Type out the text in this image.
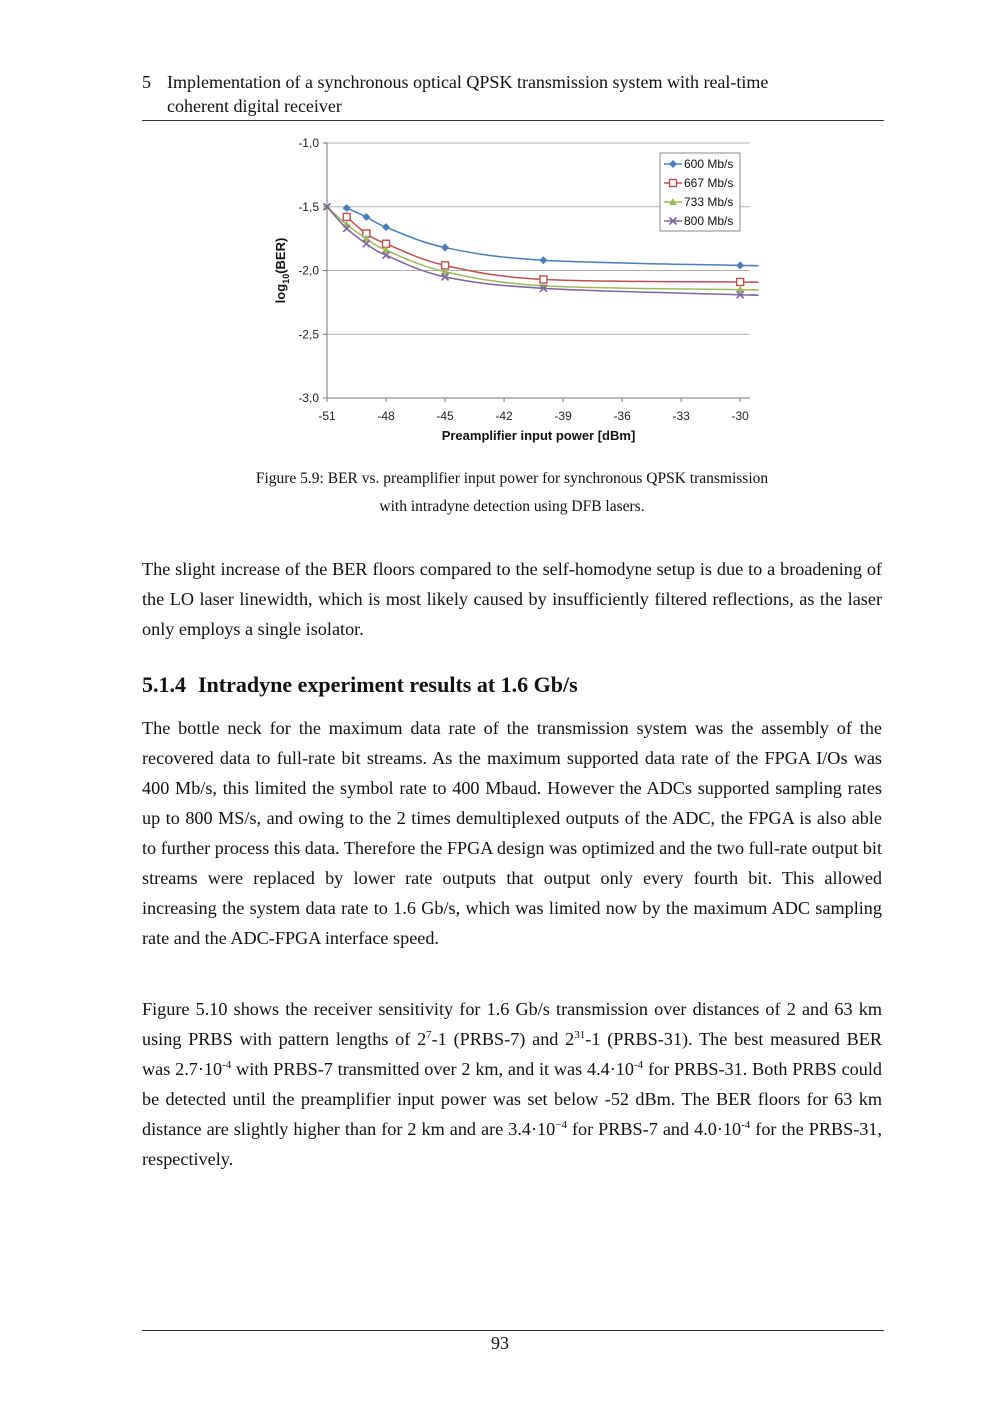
5 Implementation of a synchronous optical QPSK transmission system with real-time
coherent digital receiver
-1,0
-1,5
-2,0
-2,5
-3,0
-51	-48	-45	-42	-39	-36	-33	-30
Preamplifier input power [dBm]
$\log_{10}(BER)$
600 Mb/s
667 Mb/s
733 Mb/s
800 Mb/s
Figure 5.9: BER vs. preamplifier input power for synchronous QPSK transmission
with intradyne detection using DFB lasers.

The slight increase of the BER floors compared to the self-homodyne setup is due to a broadening of the LO laser linewidth, which is most likely caused by insufficiently filtered reflections, as the laser only employs a single isolator.

5.1.4 Intradyne experiment results at 1.6 Gb/s

The bottle neck for the maximum data rate of the transmission system was the assembly of the recovered data to full-rate bit streams. As the maximum supported data rate of the FPGA I/Os was 400 Mb/s, this limited the symbol rate to 400 Mbaud. However the ADCs supported sampling rates up to 800 MS/s, and owing to the 2 times demultiplexed outputs of the ADC, the FPGA is also able to further process this data. Therefore the FPGA design was optimized and the two full-rate output bit streams were replaced by lower rate outputs that output only every fourth bit. This allowed increasing the system data rate to 1.6 Gb/s, which was limited now by the maximum ADC sampling rate and the ADC-FPGA interface speed.

Figure 5.10 shows the receiver sensitivity for 1.6 Gb/s transmission over distances of 2 and 63 km using PRBS with pattern lengths of $2^7-1$ (PRBS-7) and $2^{31}-1$ (PRBS-31). The best measured BER was $2.7\cdot 10^{-4}$ with PRBS-7 transmitted over 2 km, and it was $4.4\cdot 10^{-4}$ for PRBS-31. Both PRBS could be detected until the preamplifier input power was set below -52 dBm. The BER floors for 63 km distance are slightly higher than for 2 km and are $3.4\cdot 10^{-4}$ for PRBS-7 and $4.0\cdot 10^{-4}$ for the PRBS-31, respectively.

93
